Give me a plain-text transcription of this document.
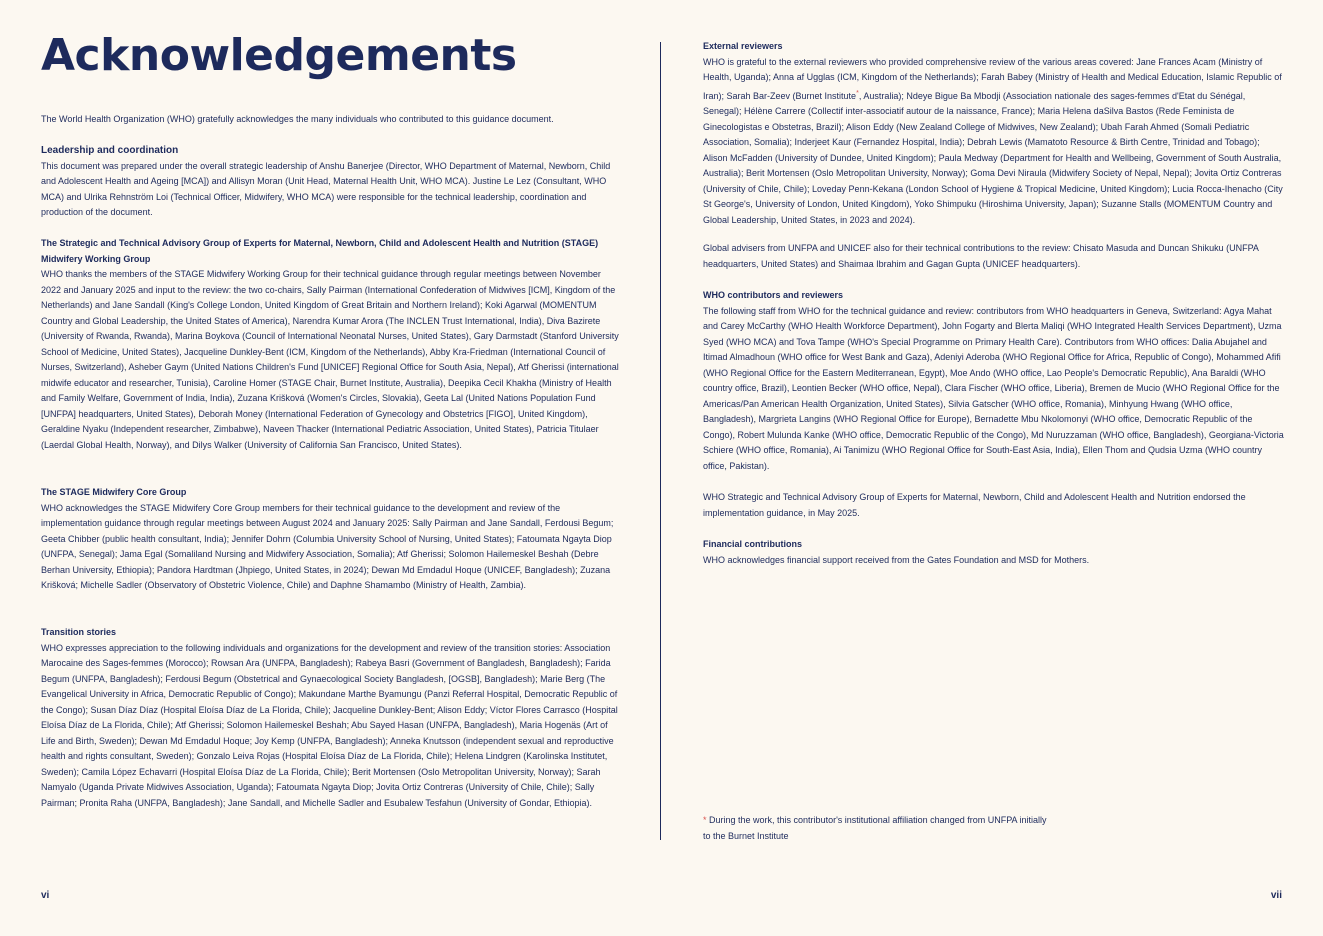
Acknowledgements

The World Health Organization (WHO) gratefully acknowledges the many individuals who contributed to this guidance document.

Leadership and coordination

This document was prepared under the overall strategic leadership of Anshu Banerjee (Director, WHO Department of Maternal, Newborn, Child and Adolescent Health and Ageing [MCA]) and Allisyn Moran (Unit Head, Maternal Health Unit, WHO MCA). Justine Le Lez (Consultant, WHO MCA) and Ulrika Rehnström Loi (Technical Officer, Midwifery, WHO MCA) were responsible for the technical leadership, coordination and production of the document.

The Strategic and Technical Advisory Group of Experts for Maternal, Newborn, Child and Adolescent Health and Nutrition (STAGE) Midwifery Working Group

WHO thanks the members of the STAGE Midwifery Working Group for their technical guidance through regular meetings between November 2022 and January 2025 and input to the review: the two co-chairs, Sally Pairman (International Confederation of Midwives [ICM], Kingdom of the Netherlands) and Jane Sandall (King's College London, United Kingdom of Great Britain and Northern Ireland); Koki Agarwal (MOMENTUM Country and Global Leadership, the United States of America), Narendra Kumar Arora (The INCLEN Trust International, India), Diva Bazirete (University of Rwanda, Rwanda), Marina Boykova (Council of International Neonatal Nurses, United States), Gary Darmstadt (Stanford University School of Medicine, United States), Jacqueline Dunkley-Bent (ICM, Kingdom of the Netherlands), Abby Kra-Friedman (International Council of Nurses, Switzerland), Asheber Gaym (United Nations Children's Fund [UNICEF] Regional Office for South Asia, Nepal), Atf Gherissi (international midwife educator and researcher, Tunisia), Caroline Homer (STAGE Chair, Burnet Institute, Australia), Deepika Cecil Khakha (Ministry of Health and Family Welfare, Government of India, India), Zuzana Krišková (Women's Circles, Slovakia), Geeta Lal (United Nations Population Fund [UNFPA] headquarters, United States), Deborah Money (International Federation of Gynecology and Obstetrics [FIGO], United Kingdom), Geraldine Nyaku (Independent researcher, Zimbabwe), Naveen Thacker (International Pediatric Association, United States), Patricia Titulaer (Laerdal Global Health, Norway), and Dilys Walker (University of California San Francisco, United States).

The STAGE Midwifery Core Group

WHO acknowledges the STAGE Midwifery Core Group members for their technical guidance to the development and review of the implementation guidance through regular meetings between August 2024 and January 2025: Sally Pairman and Jane Sandall, Ferdousi Begum; Geeta Chibber (public health consultant, India); Jennifer Dohrn (Columbia University School of Nursing, United States); Fatoumata Ngayta Diop (UNFPA, Senegal); Jama Egal (Somaliland Nursing and Midwifery Association, Somalia); Atf Gherissi; Solomon Hailemeskel Beshah (Debre Berhan University, Ethiopia); Pandora Hardtman (Jhpiego, United States, in 2024); Dewan Md Emdadul Hoque (UNICEF, Bangladesh); Zuzana Krišková; Michelle Sadler (Observatory of Obstetric Violence, Chile) and Daphne Shamambo (Ministry of Health, Zambia).

Transition stories

WHO expresses appreciation to the following individuals and organizations for the development and review of the transition stories: Association Marocaine des Sages-femmes (Morocco); Rowsan Ara (UNFPA, Bangladesh); Rabeya Basri (Government of Bangladesh, Bangladesh); Farida Begum (UNFPA, Bangladesh); Ferdousi Begum (Obstetrical and Gynaecological Society Bangladesh, [OGSB], Bangladesh); Marie Berg (The Evangelical University in Africa, Democratic Republic of Congo); Makundane Marthe Byamungu (Panzi Referral Hospital, Democratic Republic of the Congo); Susan Díaz Díaz (Hospital Eloísa Díaz de La Florida, Chile); Jacqueline Dunkley-Bent; Alison Eddy; Víctor Flores Carrasco (Hospital Eloísa Díaz de La Florida, Chile); Atf Gherissi; Solomon Hailemeskel Beshah; Abu Sayed Hasan (UNFPA, Bangladesh), Maria Hogenäs (Art of Life and Birth, Sweden); Dewan Md Emdadul Hoque; Joy Kemp (UNFPA, Bangladesh); Anneka Knutsson (independent sexual and reproductive health and rights consultant, Sweden); Gonzalo Leiva Rojas (Hospital Eloísa Díaz de La Florida, Chile); Helena Lindgren (Karolinska Institutet, Sweden); Camila López Echavarri (Hospital Eloísa Díaz de La Florida, Chile); Berit Mortensen (Oslo Metropolitan University, Norway); Sarah Namyalo (Uganda Private Midwives Association, Uganda); Fatoumata Ngayta Diop; Jovita Ortiz Contreras (University of Chile, Chile); Sally Pairman; Pronita Raha (UNFPA, Bangladesh); Jane Sandall, and Michelle Sadler and Esubalew Tesfahun (University of Gondar, Ethiopia).

External reviewers

WHO is grateful to the external reviewers who provided comprehensive review of the various areas covered: Jane Frances Acam (Ministry of Health, Uganda); Anna af Ugglas (ICM, Kingdom of the Netherlands); Farah Babey (Ministry of Health and Medical Education, Islamic Republic of Iran); Sarah Bar-Zeev (Burnet Institute*, Australia); Ndeye Bigue Ba Mbodji (Association nationale des sages-femmes d'Etat du Sénégal, Senegal); Hélène Carrere (Collectif inter-associatif autour de la naissance, France); Maria Helena daSilva Bastos (Rede Feminista de Ginecologistas e Obstetras, Brazil); Alison Eddy (New Zealand College of Midwives, New Zealand); Ubah Farah Ahmed (Somali Pediatric Association, Somalia); Inderjeet Kaur (Fernandez Hospital, India); Debrah Lewis (Mamatoto Resource & Birth Centre, Trinidad and Tobago); Alison McFadden (University of Dundee, United Kingdom); Paula Medway (Department for Health and Wellbeing, Government of South Australia, Australia); Berit Mortensen (Oslo Metropolitan University, Norway); Goma Devi Niraula (Midwifery Society of Nepal, Nepal); Jovita Ortiz Contreras (University of Chile, Chile); Loveday Penn-Kekana (London School of Hygiene & Tropical Medicine, United Kingdom); Lucia Rocca-Ihenacho (City St George's, University of London, United Kingdom), Yoko Shimpuku (Hiroshima University, Japan); Suzanne Stalls (MOMENTUM Country and Global Leadership, United States, in 2023 and 2024).

Global advisers from UNFPA and UNICEF also for their technical contributions to the review: Chisato Masuda and Duncan Shikuku (UNFPA headquarters, United States) and Shaimaa Ibrahim and Gagan Gupta (UNICEF headquarters).

WHO contributors and reviewers

The following staff from WHO for the technical guidance and review: contributors from WHO headquarters in Geneva, Switzerland: Agya Mahat and Carey McCarthy (WHO Health Workforce Department), John Fogarty and Blerta Maliqi (WHO Integrated Health Services Department), Uzma Syed (WHO MCA) and Tova Tampe (WHO's Special Programme on Primary Health Care). Contributors from WHO offices: Dalia Abujahel and Itimad Almadhoun (WHO office for West Bank and Gaza), Adeniyi Aderoba (WHO Regional Office for Africa, Republic of Congo), Mohammed Afifi (WHO Regional Office for the Eastern Mediterranean, Egypt), Moe Ando (WHO office, Lao People's Democratic Republic), Ana Baraldi (WHO country office, Brazil), Leontien Becker (WHO office, Nepal), Clara Fischer (WHO office, Liberia), Bremen de Mucio (WHO Regional Office for the Americas/Pan American Health Organization, United States), Silvia Gatscher (WHO office, Romania), Minhyung Hwang (WHO office, Bangladesh), Margrieta Langins (WHO Regional Office for Europe), Bernadette Mbu Nkolomonyi (WHO office, Democratic Republic of the Congo), Robert Mulunda Kanke (WHO office, Democratic Republic of the Congo), Md Nuruzzaman (WHO office, Bangladesh), Georgiana-Victoria Schiere (WHO office, Romania), Ai Tanimizu (WHO Regional Office for South-East Asia, India), Ellen Thom and Qudsia Uzma (WHO country office, Pakistan).

WHO Strategic and Technical Advisory Group of Experts for Maternal, Newborn, Child and Adolescent Health and Nutrition endorsed the implementation guidance, in May 2025.

Financial contributions

WHO acknowledges financial support received from the Gates Foundation and MSD for Mothers.

* During the work, this contributor's institutional affiliation changed from UNFPA initially
to the Burnet Institute
vi	vii
